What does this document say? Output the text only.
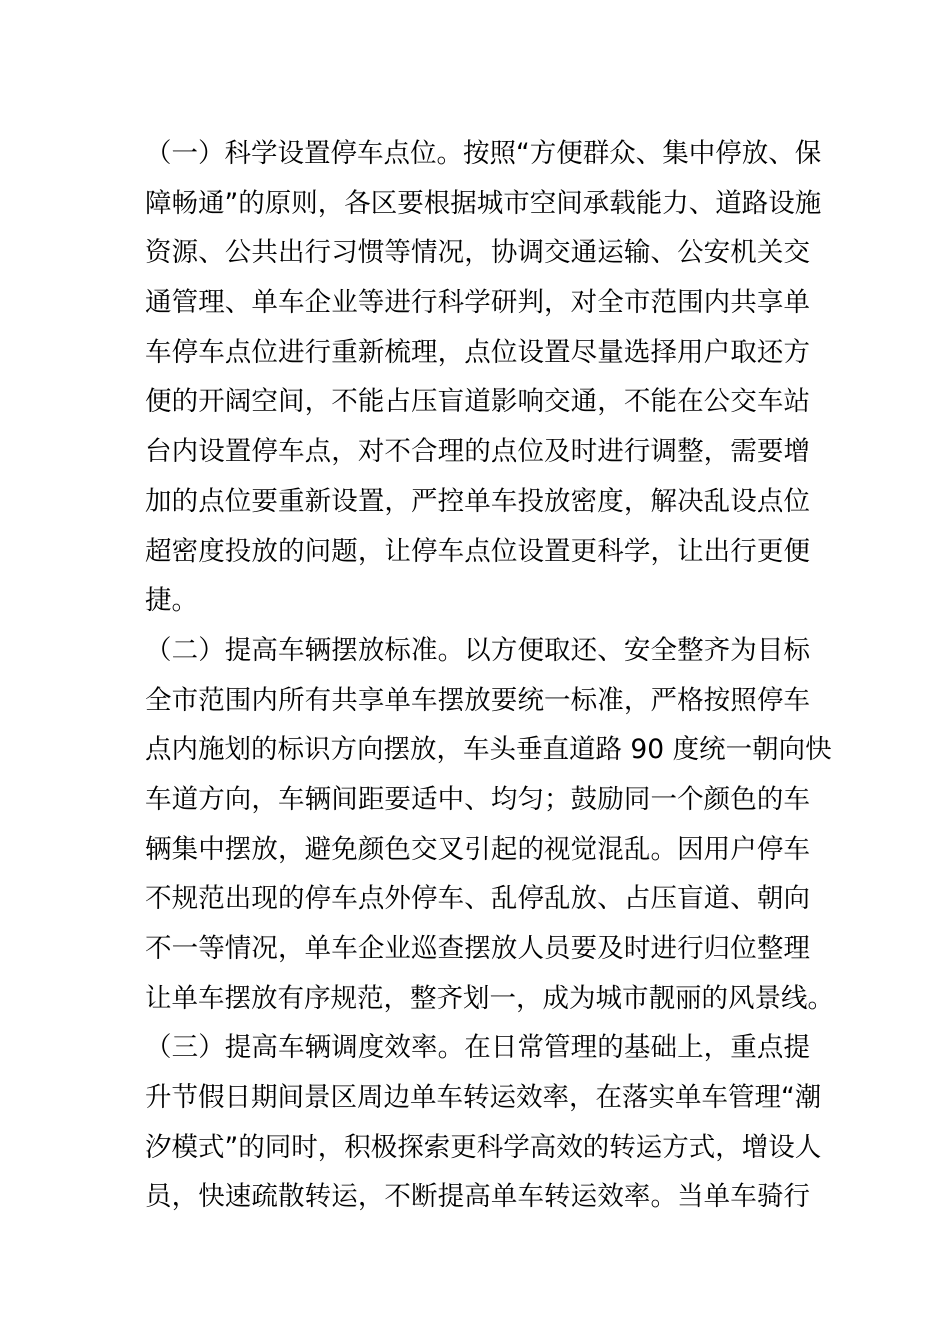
（一）科学设置停车点位。按照“方便群众、集中停放、保
障畅通”的原则，各区要根据城市空间承载能力、道路设施
资源、公共出行习惯等情况，协调交通运输、公安机关交
通管理、单车企业等进行科学研判，对全市范围内共享单
车停车点位进行重新梳理，点位设置尽量选择用户取还方
便的开阔空间，不能占压盲道影响交通，不能在公交车站
台内设置停车点，对不合理的点位及时进行调整，需要增
加的点位要重新设置，严控单车投放密度，解决乱设点位
超密度投放的问题，让停车点位设置更科学，让出行更便
捷。
（二）提高车辆摆放标准。以方便取还、安全整齐为目标
全市范围内所有共享单车摆放要统一标准，严格按照停车
点内施划的标识方向摆放，车头垂直道路 90 度统一朝向快
车道方向，车辆间距要适中、均匀；鼓励同一个颜色的车
辆集中摆放，避免颜色交叉引起的视觉混乱。因用户停车
不规范出现的停车点外停车、乱停乱放、占压盲道、朝向
不一等情况，单车企业巡查摆放人员要及时进行归位整理
让单车摆放有序规范，整齐划一，成为城市靓丽的风景线。
（三）提高车辆调度效率。在日常管理的基础上，重点提
升节假日期间景区周边单车转运效率，在落实单车管理“潮
汐模式”的同时，积极探索更科学高效的转运方式，增设人
员，快速疏散转运，不断提高单车转运效率。当单车骑行
